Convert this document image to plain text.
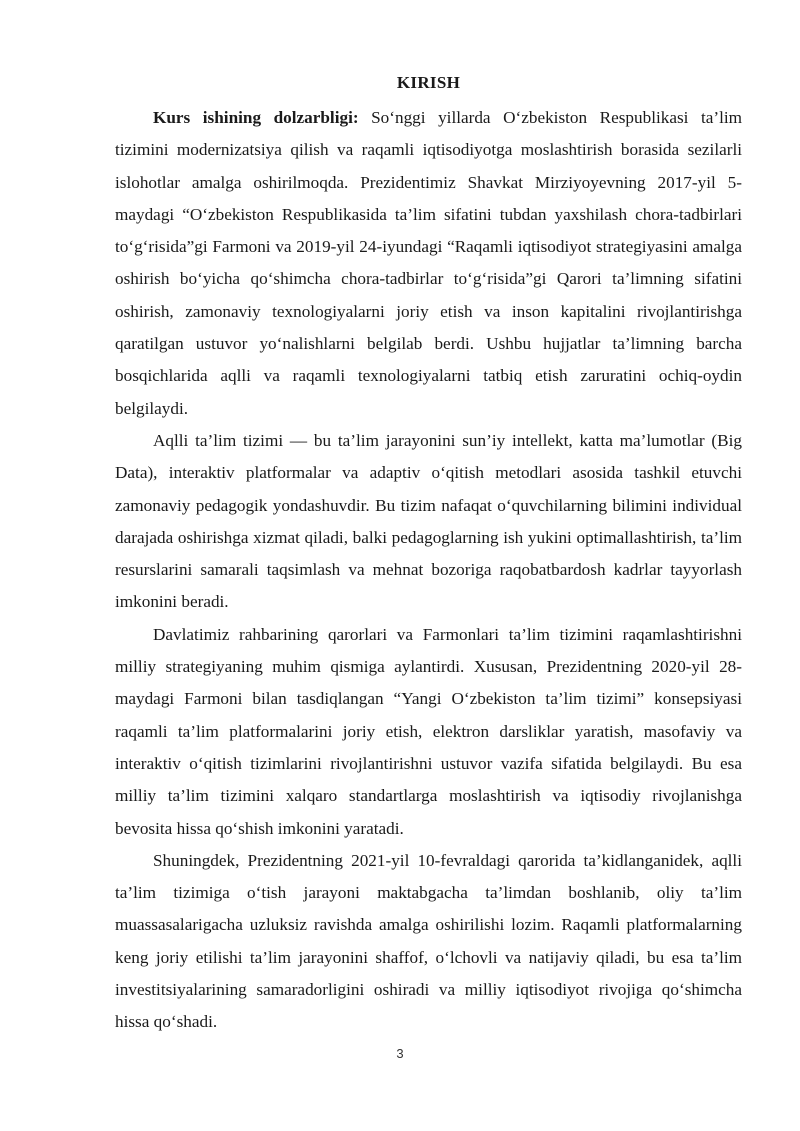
KIRISH

Kurs ishining dolzarbligi: So‘nggi yillarda O‘zbekiston Respublikasi ta’lim tizimini modernizatsiya qilish va raqamli iqtisodiyotga moslashtirish borasida sezilarli islohotlar amalga oshirilmoqda. Prezidentimiz Shavkat Mirziyoyevning 2017-yil 5-maydagi “O‘zbekiston Respublikasida ta’lim sifatini tubdan yaxshilash chora-tadbirlari to‘g‘risida”gi Farmoni va 2019-yil 24-iyundagi “Raqamli iqtisodiyot strategiyasini amalga oshirish bo‘yicha qo‘shimcha chora-tadbirlar to‘g‘risida”gi Qarori ta’limning sifatini oshirish, zamonaviy texnologiyalarni joriy etish va inson kapitalini rivojlantirishga qaratilgan ustuvor yo‘nalishlarni belgilab berdi. Ushbu hujjatlar ta’limning barcha bosqichlarida aqlli va raqamli texnologiyalarni tatbiq etish zaruratini ochiq-oydin belgilaydi.

Aqlli ta’lim tizimi — bu ta’lim jarayonini sun’iy intellekt, katta ma’lumotlar (Big Data), interaktiv platformalar va adaptiv o‘qitish metodlari asosida tashkil etuvchi zamonaviy pedagogik yondashuvdir. Bu tizim nafaqat o‘quvchilarning bilimini individual darajada oshirishga xizmat qiladi, balki pedagoglarning ish yukini optimallashtirish, ta’lim resurslarini samarali taqsimlash va mehnat bozoriga raqobatbardosh kadrlar tayyorlash imkonini beradi.

Davlatimiz rahbarining qarorlari va Farmonlari ta’lim tizimini raqamlashtirishni milliy strategiyaning muhim qismiga aylantirdi. Xususan, Prezidentning 2020-yil 28-maydagi Farmoni bilan tasdiqlangan “Yangi O‘zbekiston ta’lim tizimi” konsepsiyasi raqamli ta’lim platformalarini joriy etish, elektron darsliklar yaratish, masofaviy va interaktiv o‘qitish tizimlarini rivojlantirishni ustuvor vazifa sifatida belgilaydi. Bu esa milliy ta’lim tizimini xalqaro standartlarga moslashtirish va iqtisodiy rivojlanishga bevosita hissa qo‘shish imkonini yaratadi.

Shuningdek, Prezidentning 2021-yil 10-fevraldagi qarorida ta’kidlanganidek, aqlli ta’lim tizimiga o‘tish jarayoni maktabgacha ta’limdan boshlanib, oliy ta’lim muassasalarigacha uzluksiz ravishda amalga oshirilishi lozim. Raqamli platformalarning keng joriy etilishi ta’lim jarayonini shaffof, o‘lchovli va natijaviy qiladi, bu esa ta’lim investitsiyalarining samaradorligini oshiradi va milliy iqtisodiyot rivojiga qo‘shimcha hissa qo‘shadi.

3
